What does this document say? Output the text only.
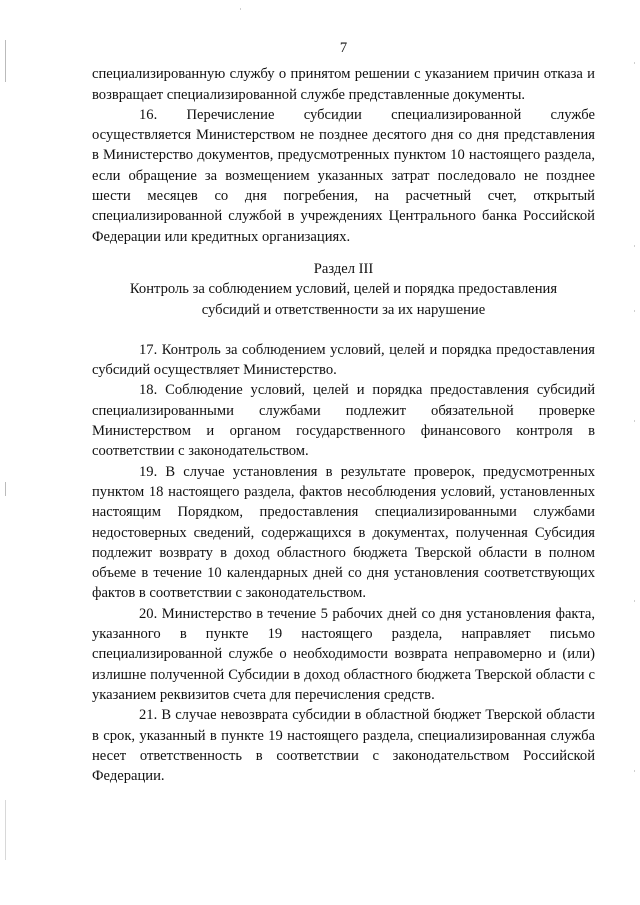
7

специализированную службу о принятом решении с указанием причин отказа и возвращает специализированной службе представленные документы.

16. Перечисление субсидии специализированной службе осуществляется Министерством не позднее десятого дня со дня представления в Министерство документов, предусмотренных пунктом 10 настоящего раздела, если обращение за возмещением указанных затрат последовало не позднее шести месяцев со дня погребения, на расчетный счет, открытый специализированной службой в учреждениях Центрального банка Российской Федерации или кредитных организациях.

Раздел III
Контроль за соблюдением условий, целей и порядка предоставления
субсидий и ответственности за их нарушение

17. Контроль за соблюдением условий, целей и порядка предоставления субсидий осуществляет Министерство.

18. Соблюдение условий, целей и порядка предоставления субсидий специализированными службами подлежит обязательной проверке Министерством и органом государственного финансового контроля в соответствии с законодательством.

19. В случае установления в результате проверок, предусмотренных пунктом 18 настоящего раздела, фактов несоблюдения условий, установленных настоящим Порядком, предоставления специализированными службами недостоверных сведений, содержащихся в документах, полученная Субсидия подлежит возврату в доход областного бюджета Тверской области в полном объеме в течение 10 календарных дней со дня установления соответствующих фактов в соответствии с законодательством.

20. Министерство в течение 5 рабочих дней со дня установления факта, указанного в пункте 19 настоящего раздела, направляет письмо специализированной службе о необходимости возврата неправомерно и (или) излишне полученной Субсидии в доход областного бюджета Тверской области с указанием реквизитов счета для перечисления средств.

21. В случае невозврата субсидии в областной бюджет Тверской области в срок, указанный в пункте 19 настоящего раздела, специализированная служба несет ответственность в соответствии с законодательством Российской Федерации.
